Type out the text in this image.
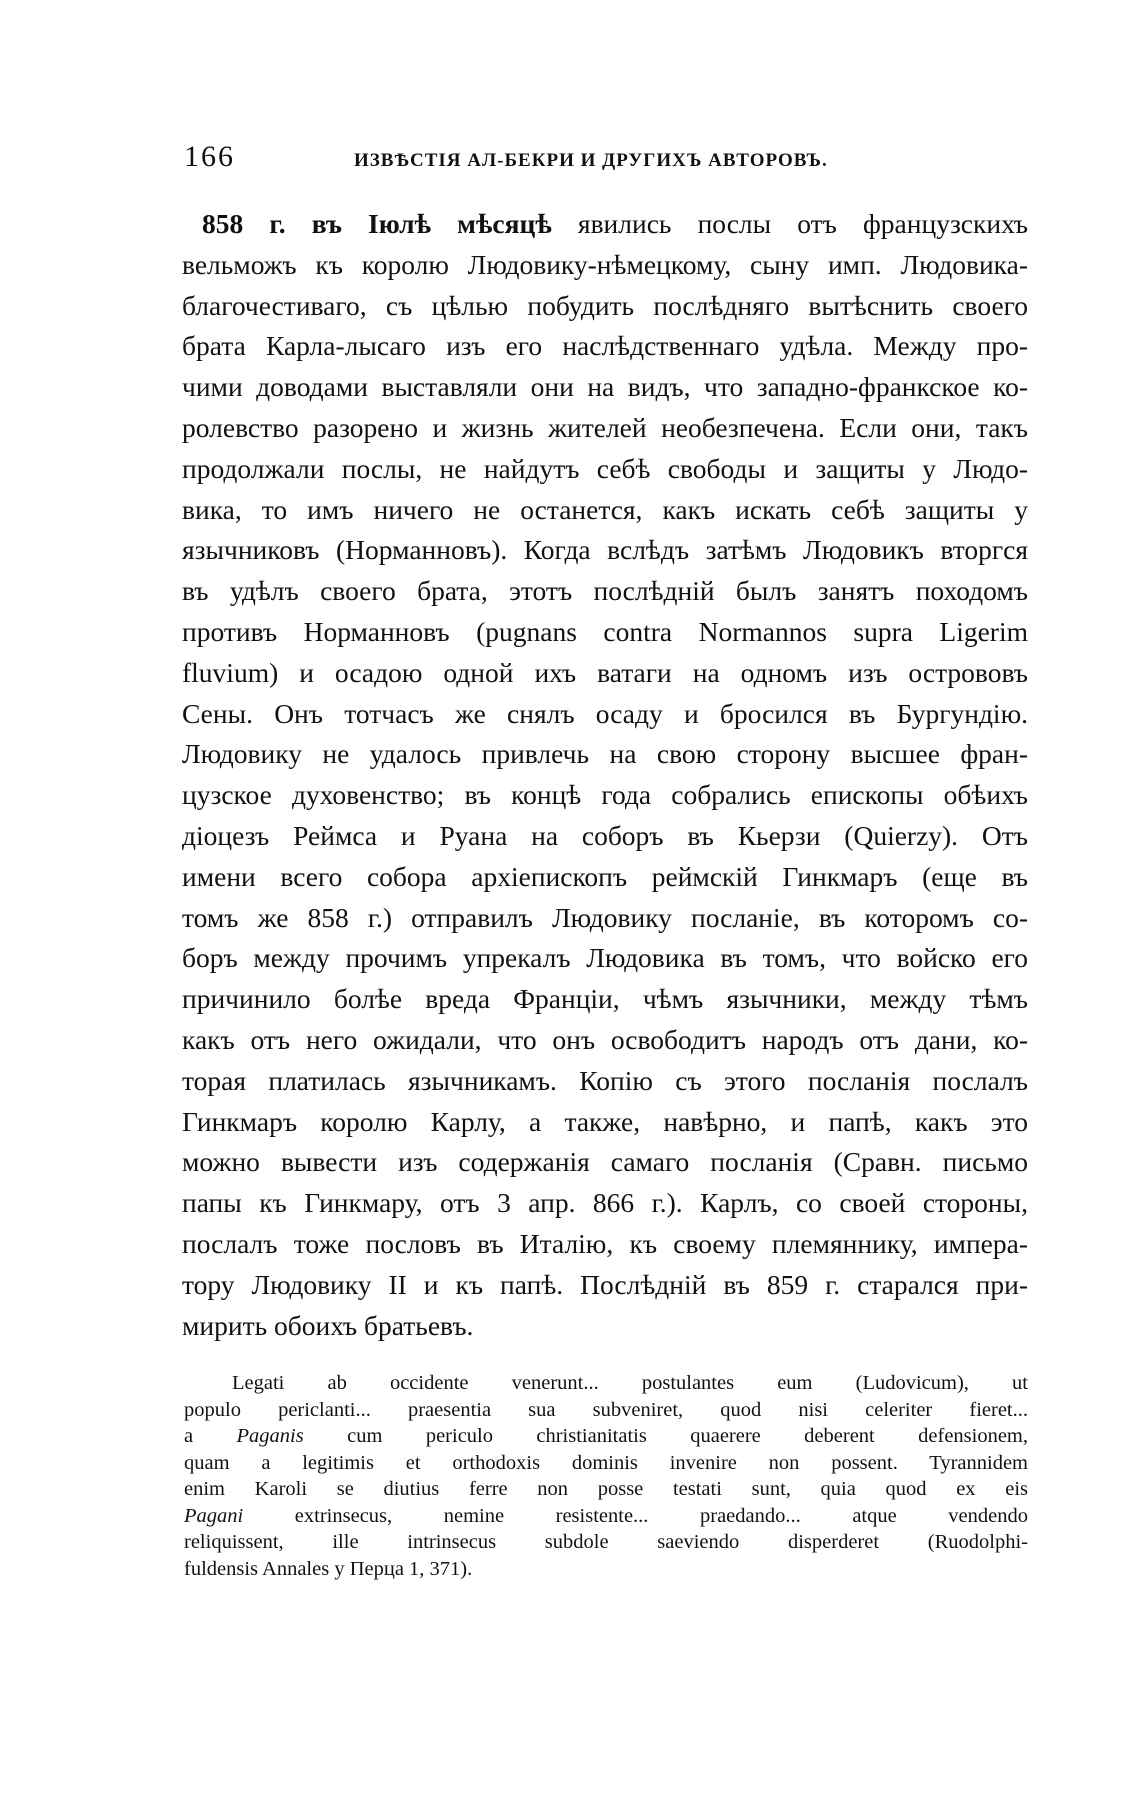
166	ИЗВѢСТІЯ АЛ-БЕКРИ И ДРУГИХЪ АВТОРОВЪ.
858 г. въ Іюлѣ мѣсяцѣ явились послы отъ французскихъ
вельможъ къ королю Людовику-нѣмецкому, сыну имп. Людовика-
благочестиваго, съ цѣлью побудить послѣдняго вытѣснить своего
брата Карла-лысаго изъ его наслѣдственнаго удѣла. Между про-
чими доводами выставляли они на видъ, что западно-франкское ко-
ролевство разорено и жизнь жителей необезпечена. Если они, такъ
продолжали послы, не найдутъ себѣ свободы и защиты у Людо-
вика, то имъ ничего не останется, какъ искать себѣ защиты у
язычниковъ (Норманновъ). Когда вслѣдъ затѣмъ Людовикъ вторгся
въ удѣлъ своего брата, этотъ послѣдній былъ занятъ походомъ
противъ Норманновъ (pugnans contra Normannos supra Ligerim
fluvium) и осадою одной ихъ ватаги на одномъ изъ острововъ
Сены. Онъ тотчасъ же снялъ осаду и бросился въ Бургундію.
Людовику не удалось привлечь на свою сторону высшее фран-
цузское духовенство; въ концѣ года собрались епископы обѣихъ
діоцезъ Реймса и Руана на соборъ въ Кьерзи (Quierzy). Отъ
имени всего собора архіепископъ реймскій Гинкмаръ (еще въ
томъ же 858 г.) отправилъ Людовику посланіе, въ которомъ со-
боръ между прочимъ упрекалъ Людовика въ томъ, что войско его
причинило болѣе вреда Франціи, чѣмъ язычники, между тѣмъ
какъ отъ него ожидали, что онъ освободитъ народъ отъ дани, ко-
торая платилась язычникамъ. Копію съ этого посланія послалъ
Гинкмаръ королю Карлу, а также, навѣрно, и папѣ, какъ это
можно вывести изъ содержанія самаго посланія (Сравн. письмо
папы къ Гинкмару, отъ 3 апр. 866 г.). Карлъ, со своей стороны,
послалъ тоже пословъ въ Италію, къ своему племяннику, импера-
тору Людовику II и къ папѣ. Послѣдній въ 859 г. старался при-
мирить обоихъ братьевъ.
Legati ab occidente venerunt... postulantes eum (Ludovicum), ut
populo periclanti... praesentia sua subveniret, quod nisi celeriter fieret...
a Paganis cum periculo christianitatis quaerere deberent defensionem,
quam a legitimis et orthodoxis dominis invenire non possent. Tyrannidem
enim Karoli se diutius ferre non posse testati sunt, quia quod ex eis
Pagani	extrinsecus, nemine resistente... praedando... atque vendendo
reliquissent, ille intrinsecus subdole saeviendo disperderet (Ruodolphi-
fuldensis Annales у Перца 1, 371).
